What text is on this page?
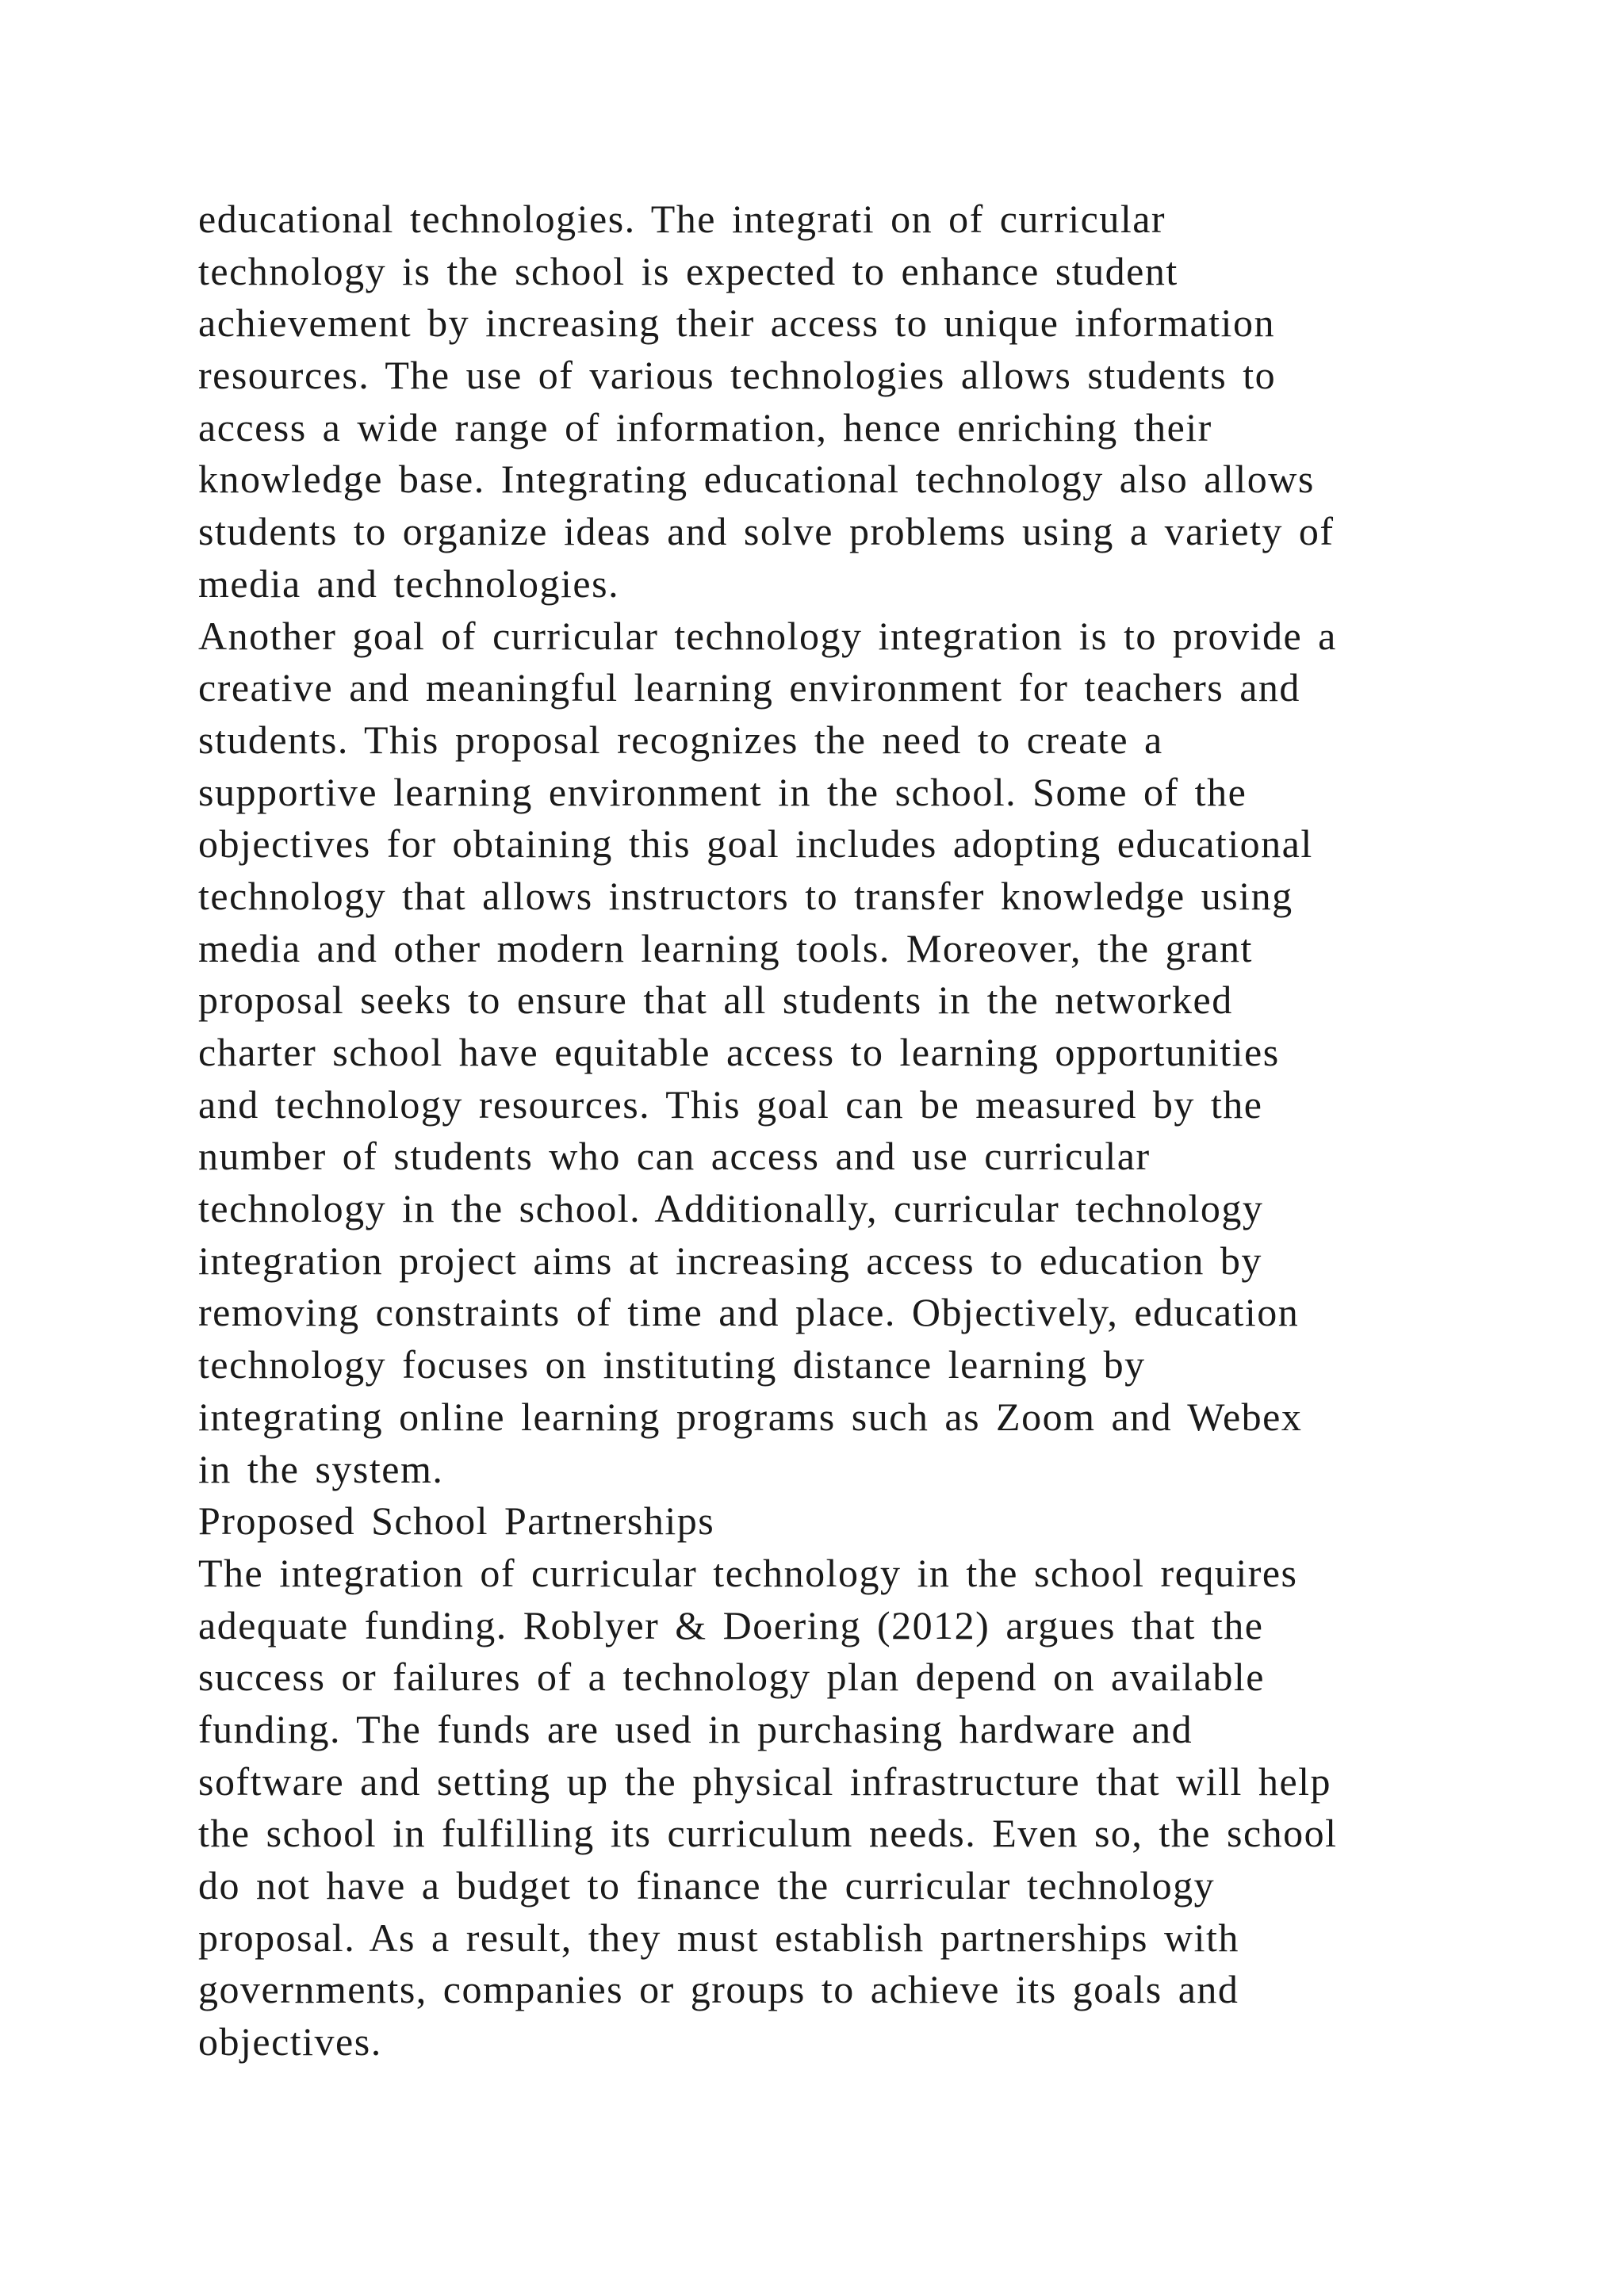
educational technologies. The integrati on of curricular
technology is the school is expected to enhance student
achievement by increasing their access to unique information
resources. The use of various technologies allows students to
access a wide range of information, hence enriching their
knowledge base. Integrating educational technology also allows
students to organize ideas and solve problems using a variety of
media and technologies.
Another goal of curricular technology integration is to provide a
creative and meaningful learning environment for teachers and
students. This proposal recognizes the need to create a
supportive learning environment in the school. Some of the
objectives for obtaining this goal includes adopting educational
technology that allows instructors to transfer knowledge using
media and other modern learning tools. Moreover, the grant
proposal seeks to ensure that all students in the networked
charter school have equitable access to learning opportunities
and technology resources. This goal can be measured by the
number of students who can access and use curricular
technology in the school. Additionally, curricular technology
integration project aims at increasing access to education by
removing constraints of time and place. Objectively, education
technology focuses on instituting distance learning by
integrating online learning programs such as Zoom and Webex
in the system.
Proposed School Partnerships
The integration of curricular technology in the school requires
adequate funding. Roblyer & Doering (2012) argues that the
success or failures of a technology plan depend on available
funding. The funds are used in purchasing hardware and
software and setting up the physical infrastructure that will help
the school in fulfilling its curriculum needs. Even so, the school
do not have a budget to finance the curricular technology
proposal. As a result, they must establish partnerships with
governments, companies or groups to achieve its goals and
objectives.
